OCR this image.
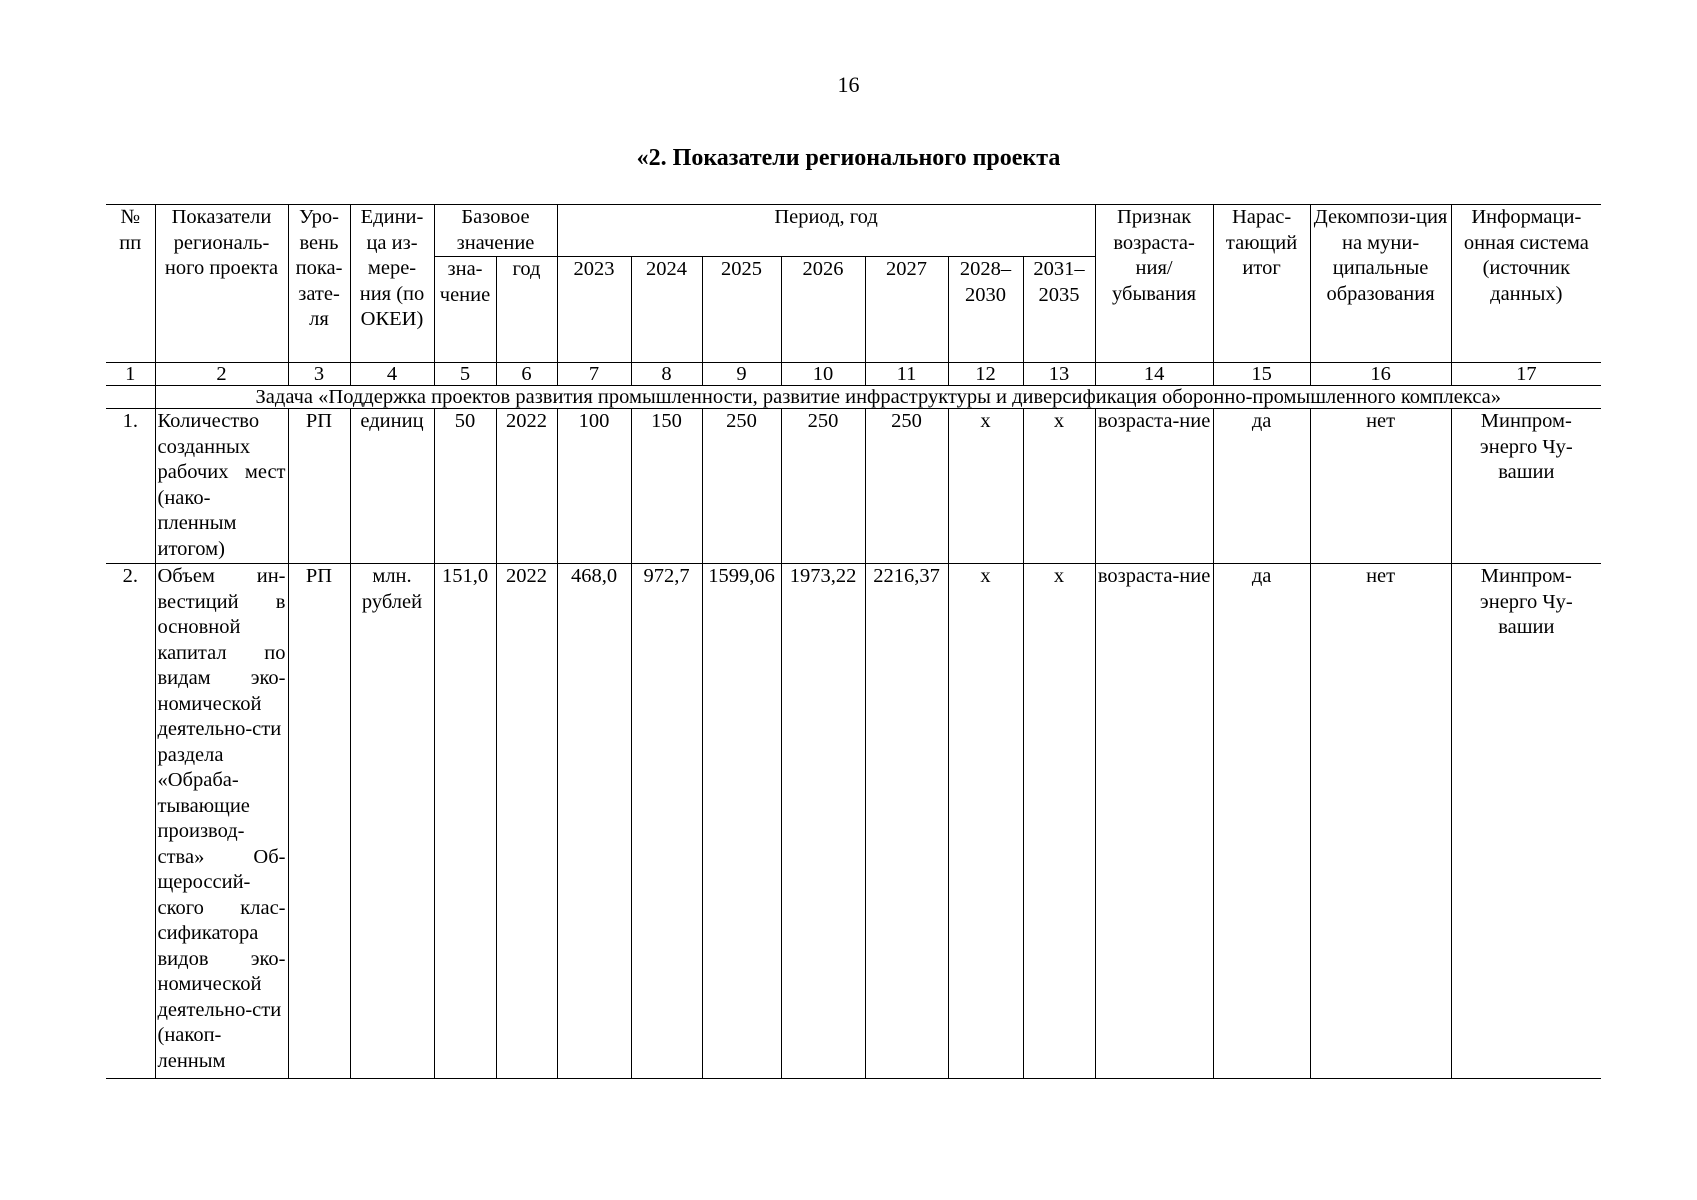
16
«2. Показатели регионального проекта
№ пп	Показатели региональ-ного проекта	Уро-вень пока-зате-ля	Едини-ца из-мере-ния (по ОКЕИ)	Базовое значение		Период, год							Признак возраста-ния/ убывания	Нарас-тающий итог	Декомпози-ция на муни-ципальные образования	Информаци-онная система (источник данных)
				зна-чение	год	2023	2024	2025	2026	2027	2028–2030	2031–2035				
1	2	3	4	5	6	7	8	9	10	11	12	13	14	15	16	17
	Задача «Поддержка проектов развития промышленности, развитие инфраструктуры и диверсификация оборонно-промышленного комплекса»															
1.	Количество созданных рабочих мест (нако-пленным итогом)	РП	единиц	50	2022	100	150	250	250	250	х	х	возраста-ние	да	нет	Минпром-энерго Чу-вашии
2.	Объем ин-вестиций в основной капитал по видам эко-номической деятельно-сти раздела «Обраба-тывающие производ-ства» Об-щероссий-ского клас-сификатора видов эко-номической деятельно-сти (накоп-ленным	РП	млн. рублей	151,0	2022	468,0	972,7	1599,06	1973,22	2216,37	х	х	возраста-ние	да	нет	Минпром-энерго Чу-вашии
